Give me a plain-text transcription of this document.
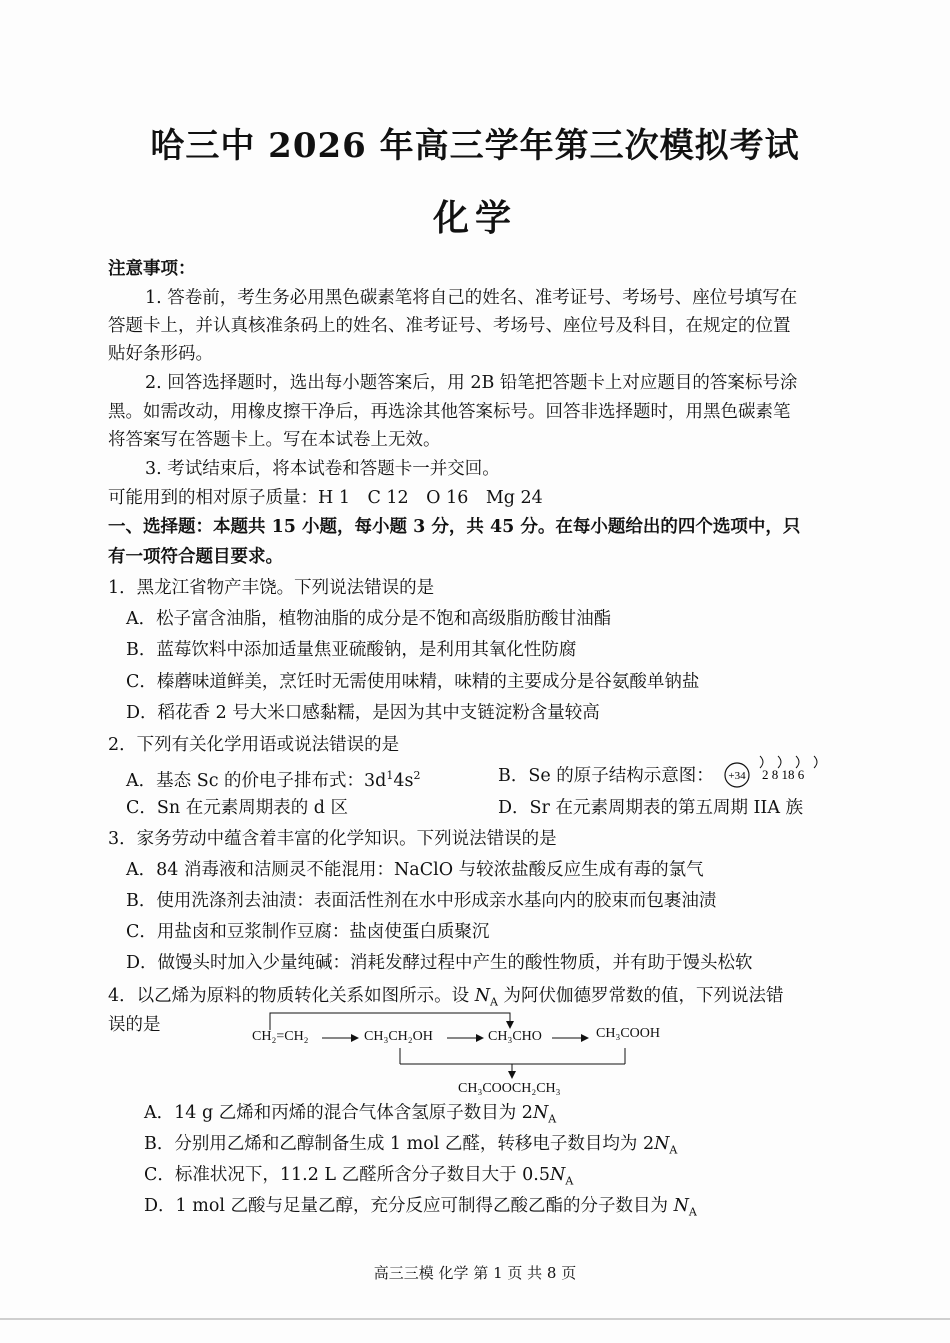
哈三中 2026 年高三学年第三次模拟考试
化学
注意事项：
1. 答卷前，考生务必用黑色碳素笔将自己的姓名、准考证号、考场号、座位号填写在
答题卡上，并认真核准条码上的姓名、准考证号、考场号、座位号及科目，在规定的位置
贴好条形码。
2. 回答选择题时，选出每小题答案后，用 2B 铅笔把答题卡上对应题目的答案标号涂
黑。如需改动，用橡皮擦干净后，再选涂其他答案标号。回答非选择题时，用黑色碳素笔
将答案写在答题卡上。写在本试卷上无效。
3. 考试结束后，将本试卷和答题卡一并交回。
可能用到的相对原子质量：H 1　C 12　O 16　Mg 24
一、选择题：本题共 15 小题，每小题 3 分，共 45 分。在每小题给出的四个选项中，只
有一项符合题目要求。
1．黑龙江省物产丰饶。下列说法错误的是
A．松子富含油脂，植物油脂的成分是不饱和高级脂肪酸甘油酯
B．蓝莓饮料中添加适量焦亚硫酸钠，是利用其氧化性防腐
C．榛蘑味道鲜美，烹饪时无需使用味精，味精的主要成分是谷氨酸单钠盐
D．稻花香 2 号大米口感黏糯，是因为其中支链淀粉含量较高
2．下列有关化学用语或说法错误的是
A．基态 Sc 的价电子排布式：$3d^14s^2$	B．Se 的原子结构示意图： +34 2 8 18 6
C．Sn 在元素周期表的 d 区	D．Sr 在元素周期表的第五周期 IIA 族
3．家务劳动中蕴含着丰富的化学知识。下列说法错误的是
A．84 消毒液和洁厕灵不能混用：NaClO 与较浓盐酸反应生成有毒的氯气
B．使用洗涤剂去油渍：表面活性剂在水中形成亲水基向内的胶束而包裹油渍
C．用盐卤和豆浆制作豆腐：盐卤使蛋白质聚沉
D．做馒头时加入少量纯碱：消耗发酵过程中产生的酸性物质，并有助于馒头松软
4．以乙烯为原料的物质转化关系如图所示。设 $N_A$ 为阿伏伽德罗常数的值，下列说法错
误的是
CH₂=CH₂	CH₃CH₂OH	CH₃CHO	CH₃COOH
CH₃COOCH₂CH₃
A．14 g 乙烯和丙烯的混合气体含氢原子数目为 $2N_A$
B．分别用乙烯和乙醇制备生成 1 mol 乙醛，转移电子数目均为 $2N_A$
C．标准状况下，11.2 L 乙醛所含分子数目大于 $0.5N_A$
D．1 mol 乙酸与足量乙醇，充分反应可制得乙酸乙酯的分子数目为 $N_A$
高三三模 化学 第 1 页 共 8 页
